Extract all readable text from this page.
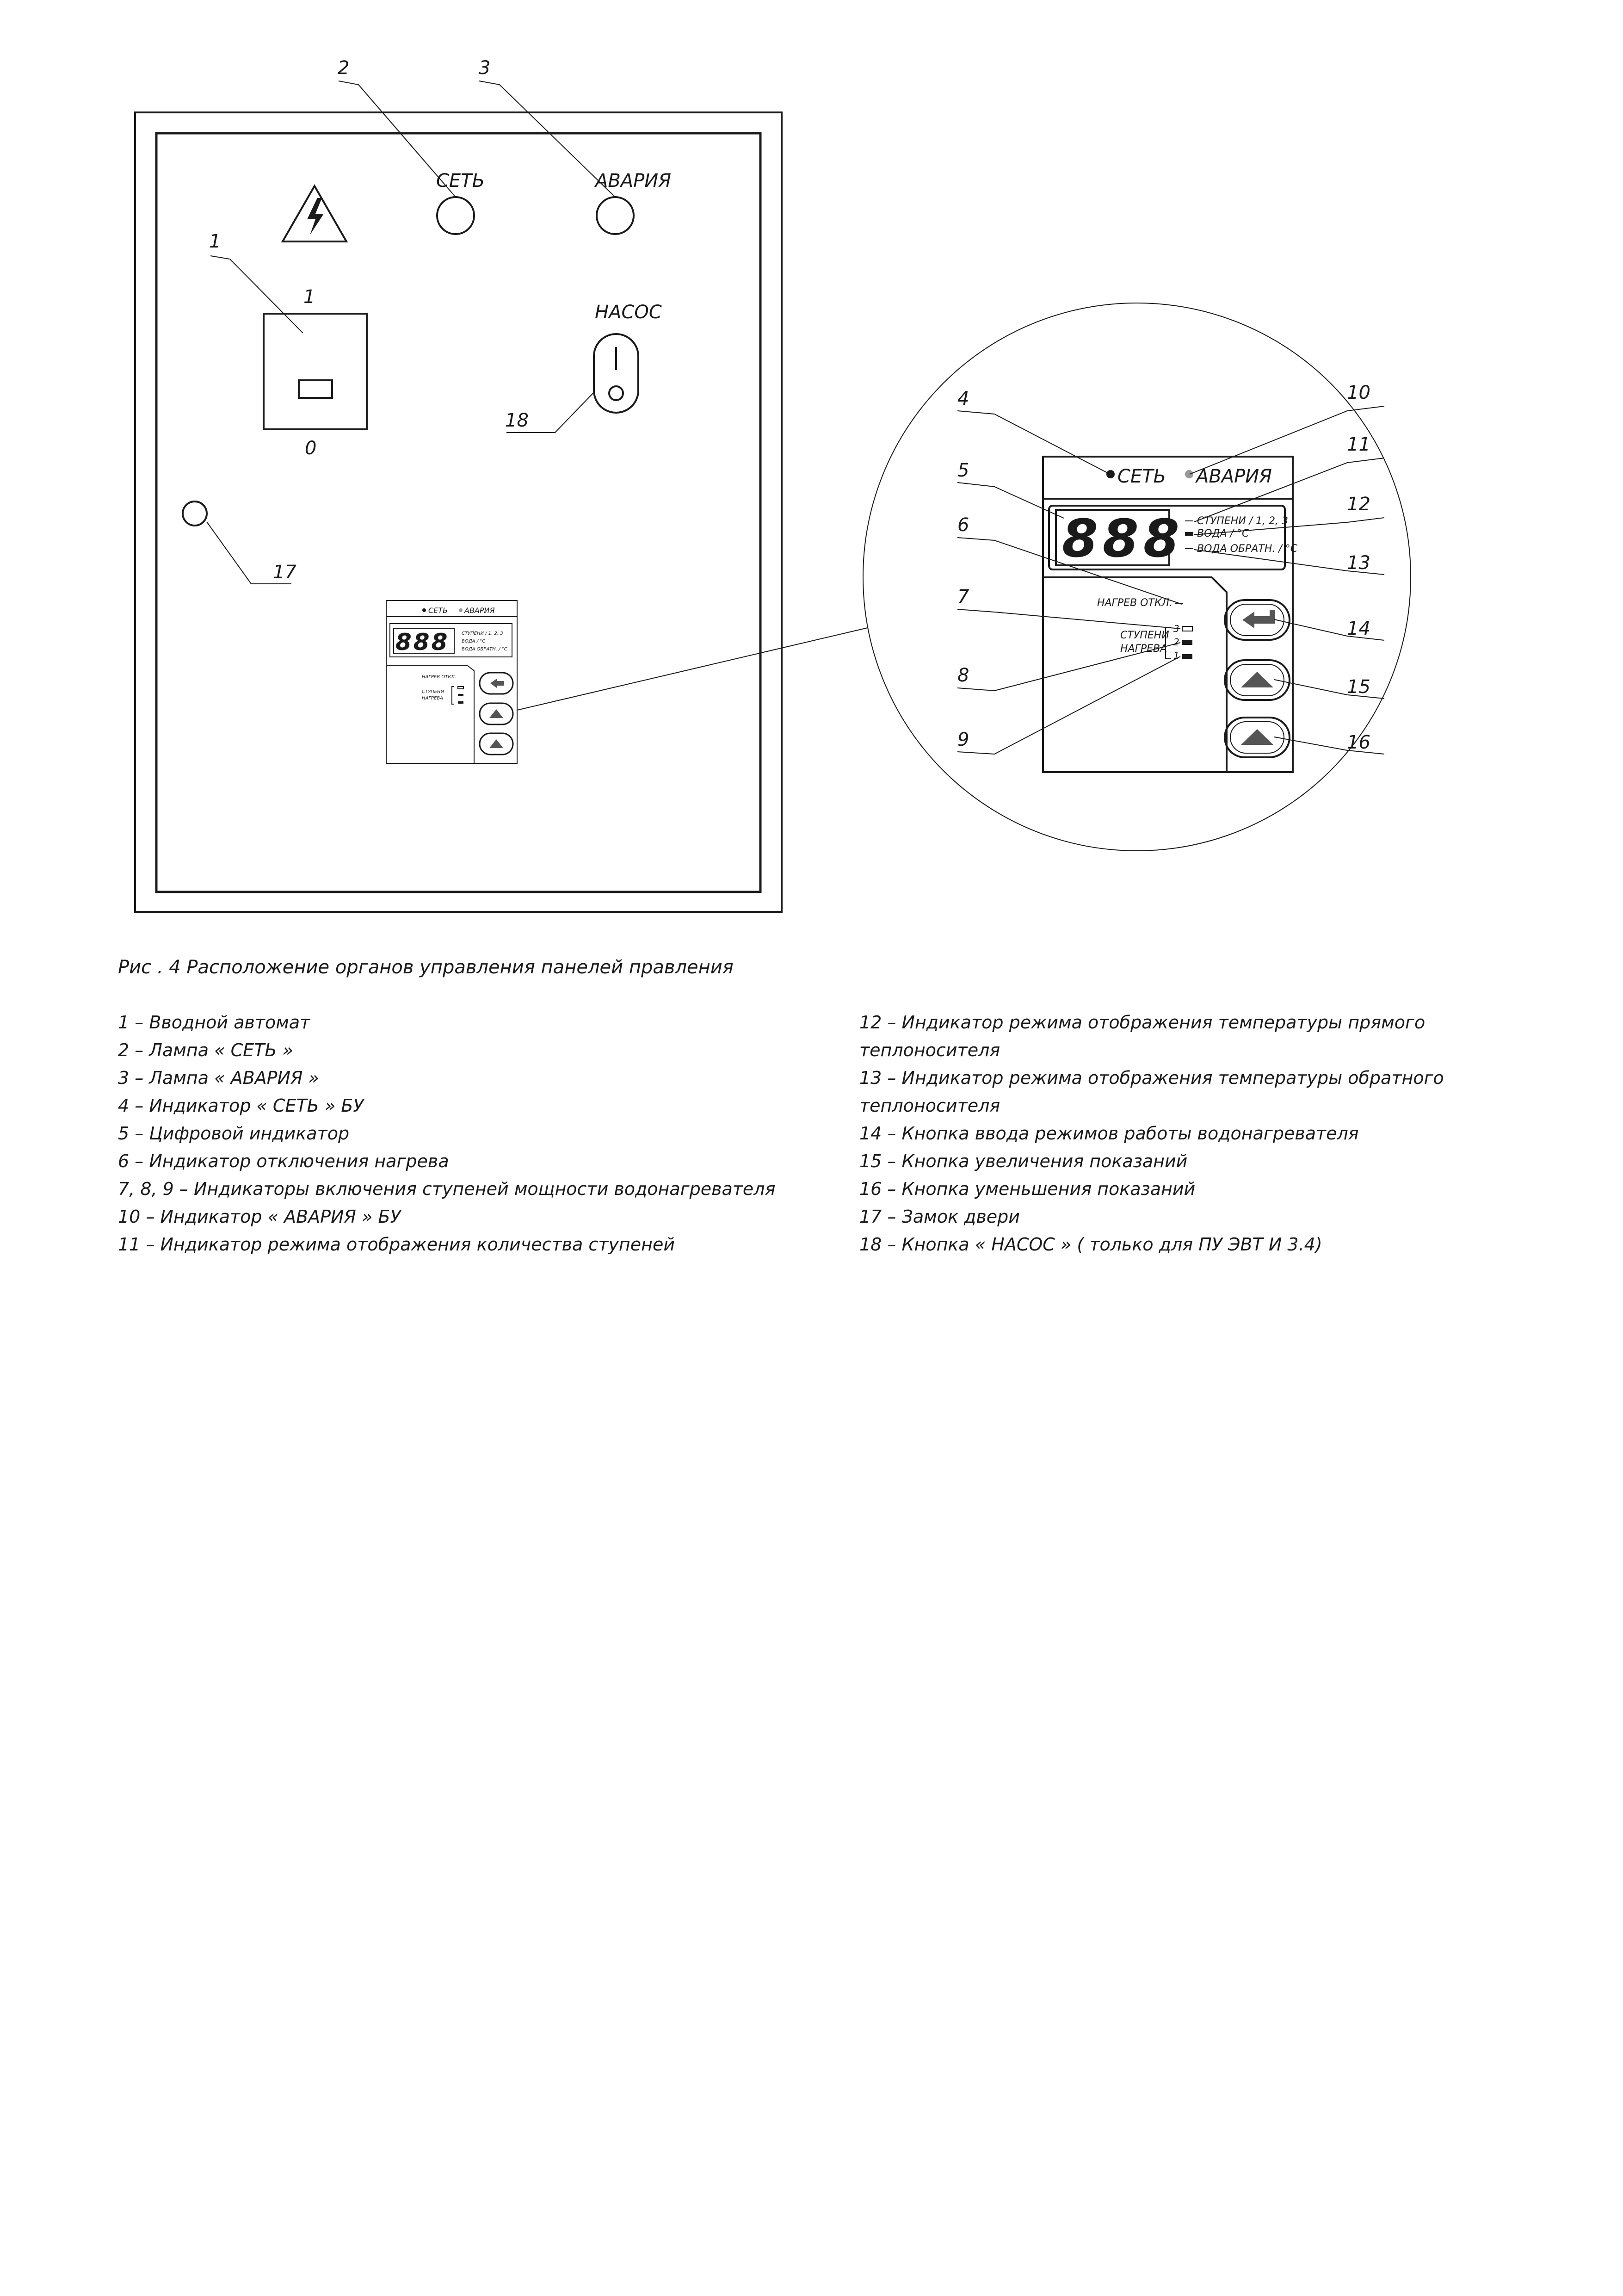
СЕТЬ	АВАРИЯ
1
0
НАСОС
СЕТЬ АВАРИЯ
888	СТУПЕНИ / 1, 2, 3
ВОДА / °С
ВОДА ОБРАТН. / °С
НАГРЕВ ОТКЛ.
СТУПЕНИ
НАГРЕВА
СЕТЬ АВАРИЯ
888 СТУПЕНИ / 1, 2, 3
ВОДА / °С
ВОДА ОБРАТН. / °С
НАГРЕВ ОТКЛ.
СТУПЕНИ
НАГРЕВА
3
2
1
1
2	3
4
5
6
7
8
9
10
11
12
13
14
15
16
17
18
Рис . 4 Расположение органов управления панелей правления
1 – Вводной автомат
2 – Лампа « СЕТЬ »
3 – Лампа « АВАРИЯ »
4 – Индикатор « СЕТЬ » БУ
5 – Цифровой индикатор
6 – Индикатор отключения нагрева
7, 8, 9 – Индикаторы включения ступеней мощности водонагревателя
10 – Индикатор « АВАРИЯ » БУ
11 – Индикатор режима отображения количества ступеней
12 – Индикатор режима отображения температуры прямого
теплоносителя
13 – Индикатор режима отображения температуры обратного
теплоносителя
14 – Кнопка ввода режимов работы водонагревателя
15 – Кнопка увеличения показаний
16 – Кнопка уменьшения показаний
17 – Замок двери
18 – Кнопка « НАСОС » ( только для ПУ ЭВТ И 3.4)
